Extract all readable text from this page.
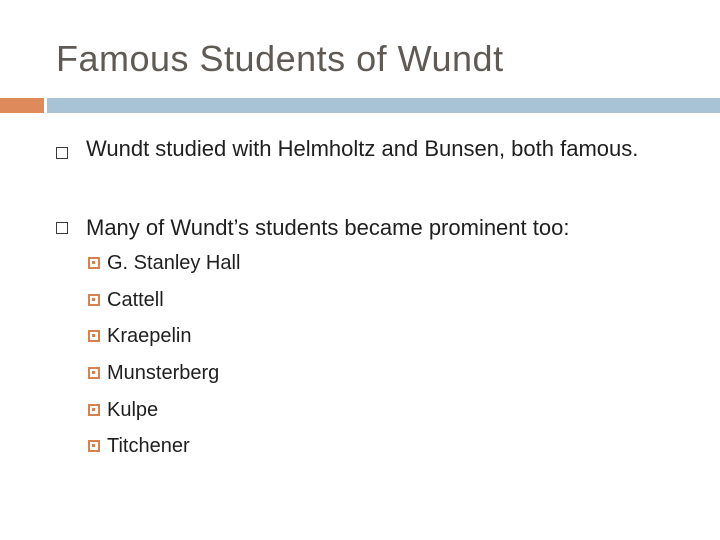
Famous Students of Wundt
Wundt studied with Helmholtz and Bunsen, both famous.
Many of Wundt’s students became prominent too:
G. Stanley Hall
Cattell
Kraepelin
Munsterberg
Kulpe
Titchener
